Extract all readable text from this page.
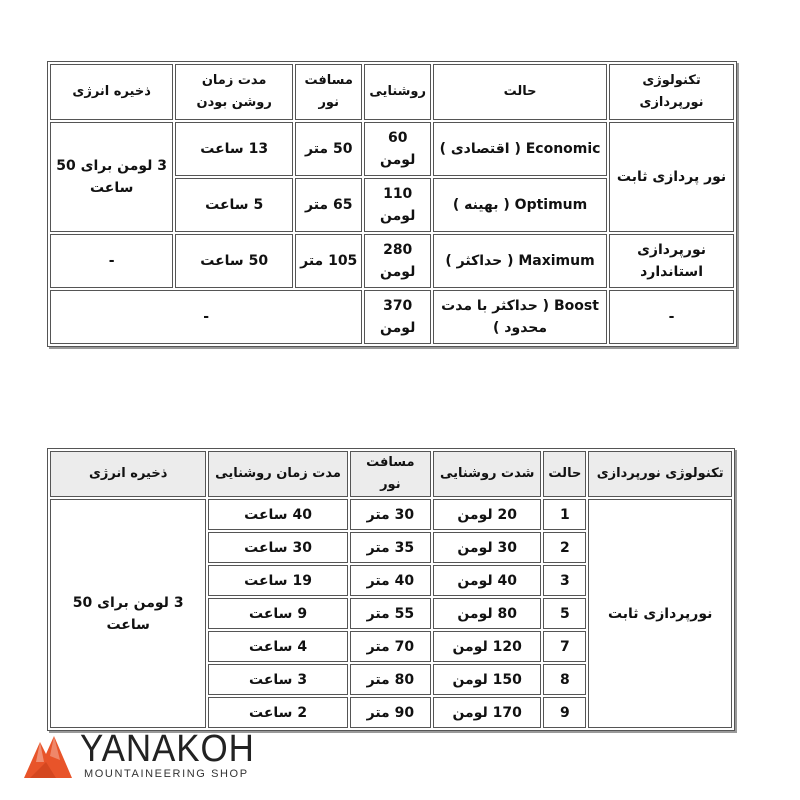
تکنولوژی نورپردازی	حالت	روشنایی	مسافت نور	مدت زمان روشن بودن	ذخیره انرژی
نور پردازی ثابت	Economic ( اقتصادی )	60 لومن	50 متر	13 ساعت	3 لومن برای 50 ساعت
	Optimum ( بهینه )	110 لومن	65 متر	5 ساعت	
نورپردازی استاندارد	Maximum ( حداکثر )	280 لومن	105 متر	50 ساعت	-
-	Boost ( حداکثر با مدت محدود )	370 لومن	-		
تکنولوژی نورپردازی	حالت	شدت روشنایی	مسافت نور	مدت زمان روشنایی	ذخیره انرژی
نورپردازی ثابت	1	20 لومن	30 متر	40 ساعت	3 لومن برای 50 ساعت
	2	30 لومن	35 متر	30 ساعت	
	3	40 لومن	40 متر	19 ساعت	
	5	80 لومن	55 متر	9 ساعت	
	7	120 لومن	70 متر	4 ساعت	
	8	150 لومن	80 متر	3 ساعت	
	9	170 لومن	90 متر	2 ساعت	
YANAKOH
MOUNTAINEERING SHOP
